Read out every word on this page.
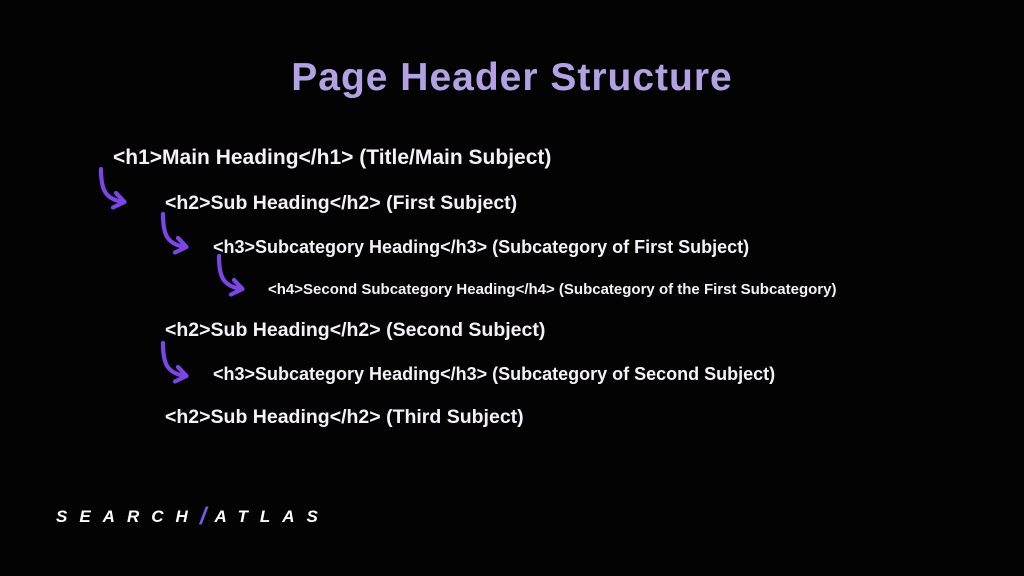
Page Header Structure
<h1>Main Heading</h1> (Title/Main Subject)
<h2>Sub Heading</h2> (First Subject)
<h3>Subcategory Heading</h3> (Subcategory of First Subject)
<h4>Second Subcategory Heading</h4> (Subcategory of the First Subcategory)
<h2>Sub Heading</h2> (Second Subject)
<h3>Subcategory Heading</h3> (Subcategory of Second Subject)
<h2>Sub Heading</h2> (Third Subject)
SEARCH/ATLAS
